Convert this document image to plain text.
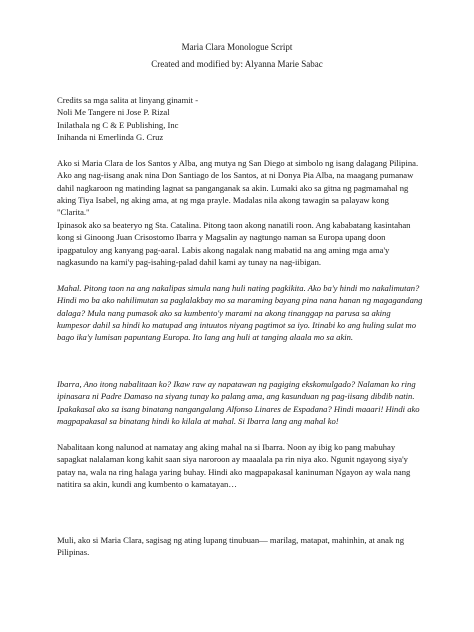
Maria Clara Monologue Script

Created and modified by: Alyanna Marie Sabac

Credits sa mga salita at linyang ginamit -
Noli Me Tangere ni Jose P. Rizal
Inilathala ng C & E Publishing, Inc
Inihanda ni Emerlinda G. Cruz

Ako si Maria Clara de los Santos y Alba, ang mutya ng San Diego at simbolo ng isang dalagang Pilipina. Ako ang nag-iisang anak nina Don Santiago de los Santos, at ni Donya Pia Alba, na maagang pumanaw dahil nagkaroon ng matinding lagnat sa panganganak sa akin. Lumaki ako sa gitna ng pagmamahal ng aking Tiya Isabel, ng aking ama, at ng mga prayle. Madalas nila akong tawagin sa palayaw kong "Clarita."

Ipinasok ako sa beateryo ng Sta. Catalina. Pitong taon akong nanatili roon. Ang kababatang kasintahan kong si Ginoong Juan Crisostomo Ibarra y Magsalin ay nagtungo naman sa Europa upang doon ipagpatuloy ang kanyang pag-aaral. Labis akong nagalak nang mabatid na ang aming mga ama'y nagkasundo na kami'y pag-isahing-palad dahil kami ay tunay na nag-iibigan.

Mahal. Pitong taon na ang nakalipas simula nang huli nating pagkikita. Ako ba'y hindi mo nakalimutan? Hindi mo ba ako nahilimutan sa paglalakbay mo sa maraming bayang pina nana hanan ng magagandang dalaga? Mula nang pumasok ako sa kumbento'y marami na akong tinanggap na parusa sa aking kumpesor dahil sa hindi ko matupad ang intuutos niyang pagtimot sa iyo. Itinabi ko ang huling sulat mo bago ika'y lumisan papuntang Europa. Ito lang ang huli at tanging alaala mo sa akin.

Ibarra, Ano itong nabalitaan ko? Ikaw raw ay napatawan ng pagiging ekskomulgado? Nalaman ko ring ipinasara ni Padre Damaso na siyang tunay ko palang ama, ang kasunduan ng pag-iisang dibdib natin. Ipakakasal ako sa isang binatang nangangalang Alfonso Linares de Espadana? Hindi maaari! Hindi ako magpapakasal sa binatang hindi ko kilala at mahal. Si Ibarra lang ang mahal ko!

Nabalitaan kong nalunod at namatay ang aking mahal na si Ibarra. Noon ay ibig ko pang mabuhay sapagkat nalalaman kong kahit saan siya naroroon ay maaalala pa rin niya ako. Ngunit ngayong siya'y patay na, wala na ring halaga yaring buhay. Hindi ako magpapakasal kaninuman Ngayon ay wala nang natitira sa akin, kundi ang kumbento o kamatayan…

Muli, ako si Maria Clara, sagisag ng ating lupang tinubuan— marilag, matapat, mahinhin, at anak ng Pilipinas.
